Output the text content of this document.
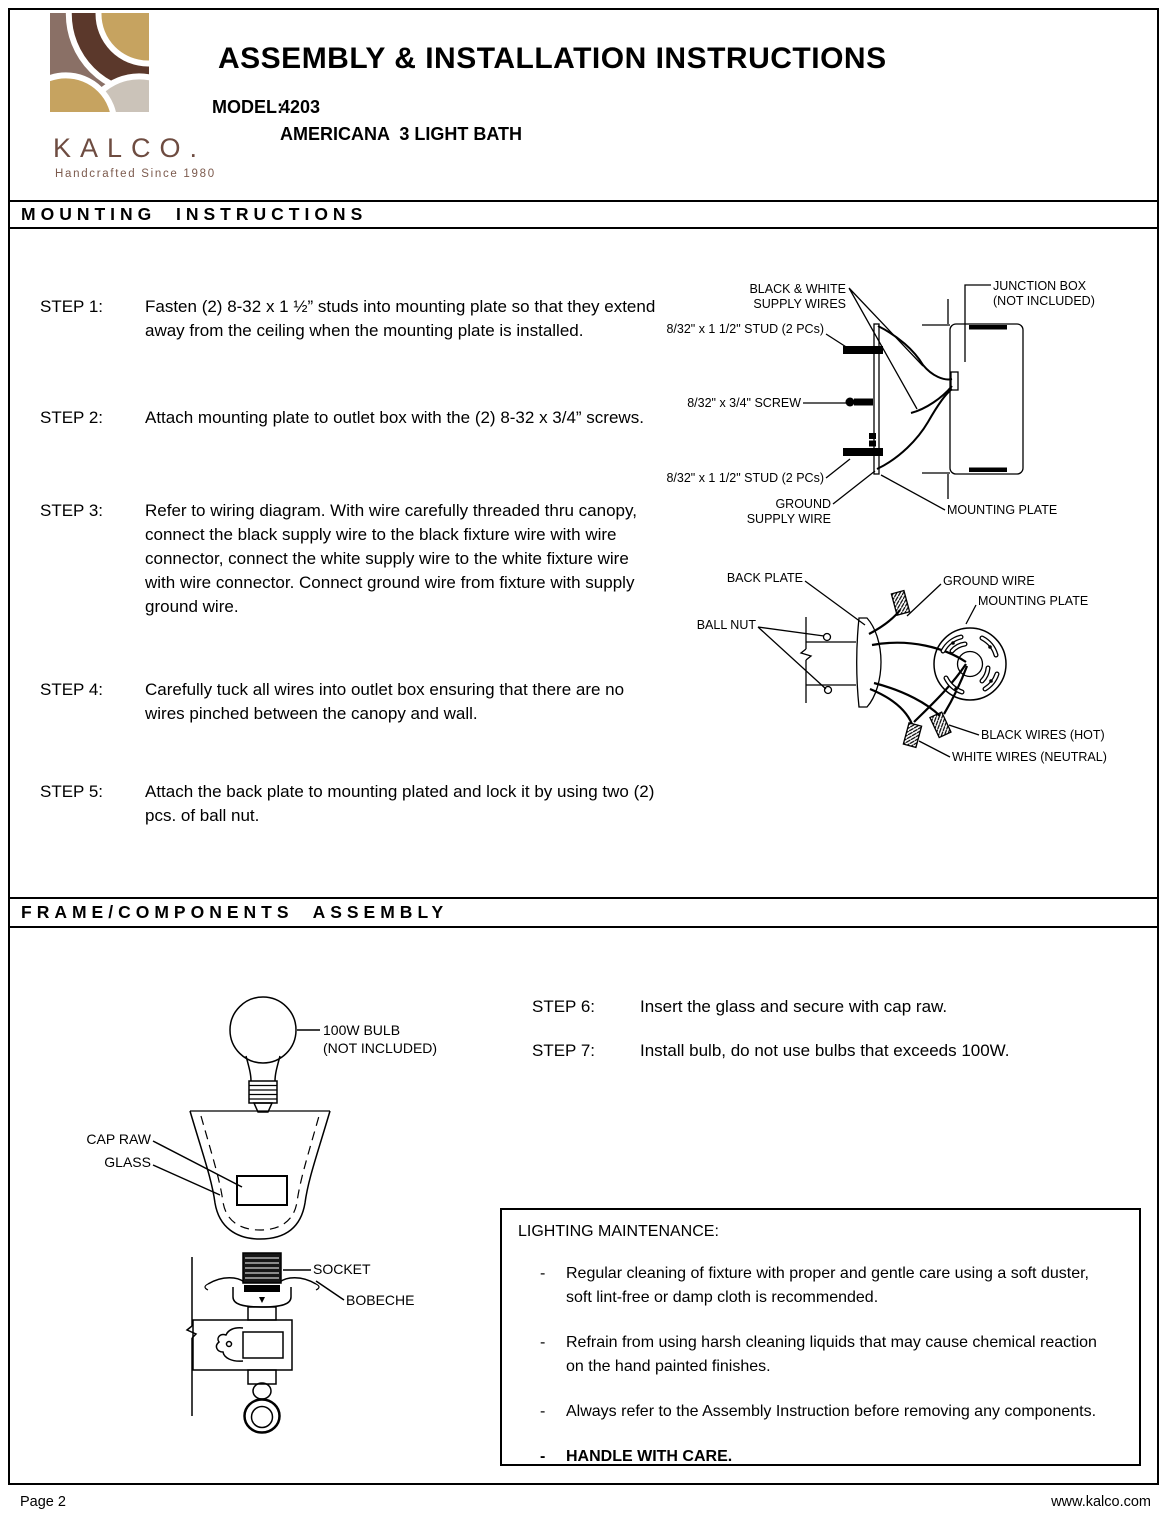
KALCO.
Handcrafted Since 1980
ASSEMBLY & INSTALLATION INSTRUCTIONS
MODEL:
4203
AMERICANA  3 LIGHT BATH
MOUNTING  INSTRUCTIONS
STEP 1:	Fasten (2) 8-32 x 1 ½” studs into mounting plate so that they extend away from the ceiling when the mounting plate is installed.
STEP 2:	Attach mounting plate to outlet box with the (2) 8-32 x 3/4” screws.
STEP 3:	Refer to wiring diagram. With wire carefully threaded thru canopy, connect the black supply wire to the black fixture wire with wire connector, connect the white supply wire to the white fixture wire with wire connector. Connect ground wire from fixture with supply ground wire.
STEP 4:	Carefully tuck all wires into outlet box ensuring that there are no wires pinched between the canopy and wall.
STEP 5:	Attach the back plate to mounting plated and lock it by using two (2) pcs. of ball nut.
BLACK & WHITE
SUPPLY WIRES
JUNCTION BOX
(NOT INCLUDED)
8/32" x 1 1/2" STUD (2 PCs)
8/32" x 3/4" SCREW
8/32" x 1 1/2" STUD (2 PCs)
GROUND
SUPPLY WIRE
MOUNTING PLATE
BACK PLATE
BALL NUT
GROUND WIRE
MOUNTING PLATE
BLACK WIRES (HOT)
WHITE WIRES (NEUTRAL)
FRAME/COMPONENTS  ASSEMBLY
100W BULB
(NOT INCLUDED)
CAP RAW
GLASS
SOCKET
BOBECHE
STEP 6:	Insert the glass and secure with cap raw.
STEP 7:	Install bulb, do not use bulbs that exceeds 100W.
LIGHTING MAINTENANCE:
-	Regular cleaning of fixture with proper and gentle care using a soft duster, soft lint-free or damp cloth is recommended.
-	Refrain from using harsh cleaning liquids that may cause chemical reaction on the hand painted finishes.
-	Always refer to the Assembly Instruction before removing any components.
-	HANDLE WITH CARE.
Page 2	www.kalco.com
